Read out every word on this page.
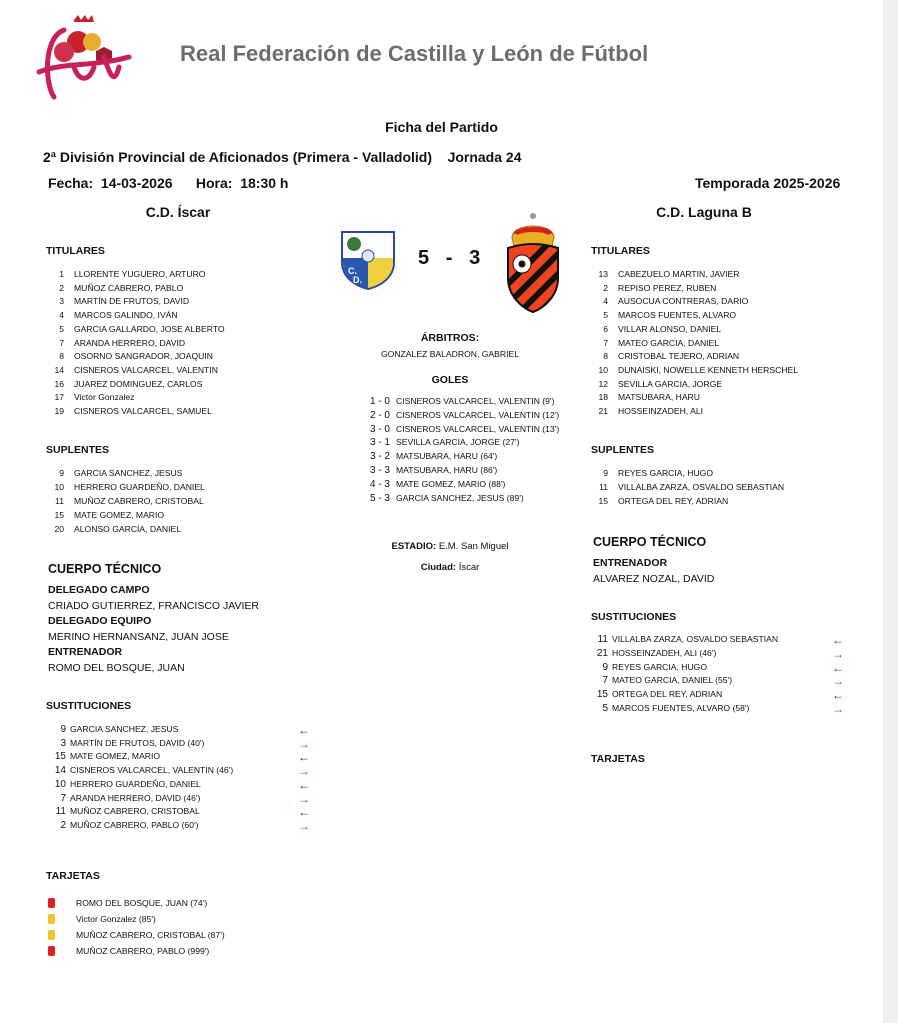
Real Federación de Castilla y León de Fútbol
Ficha del Partido
2ª División Provincial de Aficionados (Primera - Valladolid) Jornada 24
Fecha: 14-03-2026 Hora: 18:30 h	Temporada 2025-2026
C.D. Íscar	C.D. Laguna B
C.
D.
5 - 3
ÁRBITROS:
GONZALEZ BALADRON, GABRIEL
GOLES
ESTADIO: E.M. San Miguel
Ciudad: Íscar
TITULARES
SUPLENTES
CUERPO TÉCNICO
SUSTITUCIONES
TARJETAS
TITULARES
SUPLENTES
CUERPO TÉCNICO
SUSTITUCIONES
TARJETAS
1 LLORENTE YUGUERO, ARTURO
2 MUÑOZ CABRERO, PABLO
3 MARTÍN DE FRUTOS, DAVID
4 MARCOS GALINDO, IVÁN
5 GARCIA GALLARDO, JOSE ALBERTO
7 ARANDA HERRERO, DAVID
8 OSORNO SANGRADOR, JOAQUIN
14 CISNEROS VALCARCEL, VALENTIN
16 JUAREZ DOMINGUEZ, CARLOS
17 Victor Gonzalez
19 CISNEROS VALCARCEL, SAMUEL
9 GARCIA SANCHEZ, JESUS
10 HERRERO GUARDEÑO, DANIEL
11 MUÑOZ CABRERO, CRISTOBAL
15 MATE GOMEZ, MARIO
20 ALONSO GARCÍA, DANIEL
13 CABEZUELO MARTIN, JAVIER
2 REPISO PEREZ, RUBEN
4 AUSOCUA CONTRERAS, DARIO
5 MARCOS FUENTES, ALVARO
6 VILLAR ALONSO, DANIEL
7 MATEO GARCIA, DANIEL
8 CRISTOBAL TEJERO, ADRIAN
10 DUNAISKI, NOWELLE KENNETH HERSCHEL
12 SEVILLA GARCIA, JORGE
18 MATSUBARA, HARU
21 HOSSEINZADEH, ALI
9 REYES GARCIA, HUGO
11 VILLALBA ZARZA, OSVALDO SEBASTIAN
15 ORTEGA DEL REY, ADRIAN
DELEGADO CAMPO
CRIADO GUTIERREZ, FRANCISCO JAVIER
DELEGADO EQUIPO
MERINO HERNANSANZ, JUAN JOSE
ENTRENADOR
ROMO DEL BOSQUE, JUAN
ENTRENADOR
ALVAREZ NOZAL, DAVID
9 GARCIA SANCHEZ, JESUS	←
3 MARTÍN DE FRUTOS, DAVID (40')	→
15 MATE GOMEZ, MARIO	←
14 CISNEROS VALCARCEL, VALENTIN (46')	→
10 HERRERO GUARDEÑO, DANIEL	←
7 ARANDA HERRERO, DAVID (46')	→
11 MUÑOZ CABRERO, CRISTOBAL	←
2 MUÑOZ CABRERO, PABLO (60')	→
11 VILLALBA ZARZA, OSVALDO SEBASTIAN	←
21 HOSSEINZADEH, ALI (46')	→
9 REYES GARCIA, HUGO	←
7 MATEO GARCIA, DANIEL (55')	→
15 ORTEGA DEL REY, ADRIAN	←
5 MARCOS FUENTES, ALVARO (58')	→
ROMO DEL BOSQUE, JUAN (74')
Victor Gonzalez (85')
MUÑOZ CABRERO, CRISTOBAL (87')
MUÑOZ CABRERO, PABLO (999')
1 - 0 CISNEROS VALCARCEL, VALENTIN (9')
2 - 0 CISNEROS VALCARCEL, VALENTIN (12')
3 - 0 CISNEROS VALCARCEL, VALENTIN (13')
3 - 1 SEVILLA GARCIA, JORGE (27')
3 - 2 MATSUBARA, HARU (64')
3 - 3 MATSUBARA, HARU (86')
4 - 3 MATE GOMEZ, MARIO (88')
5 - 3 GARCIA SANCHEZ, JESUS (89')
